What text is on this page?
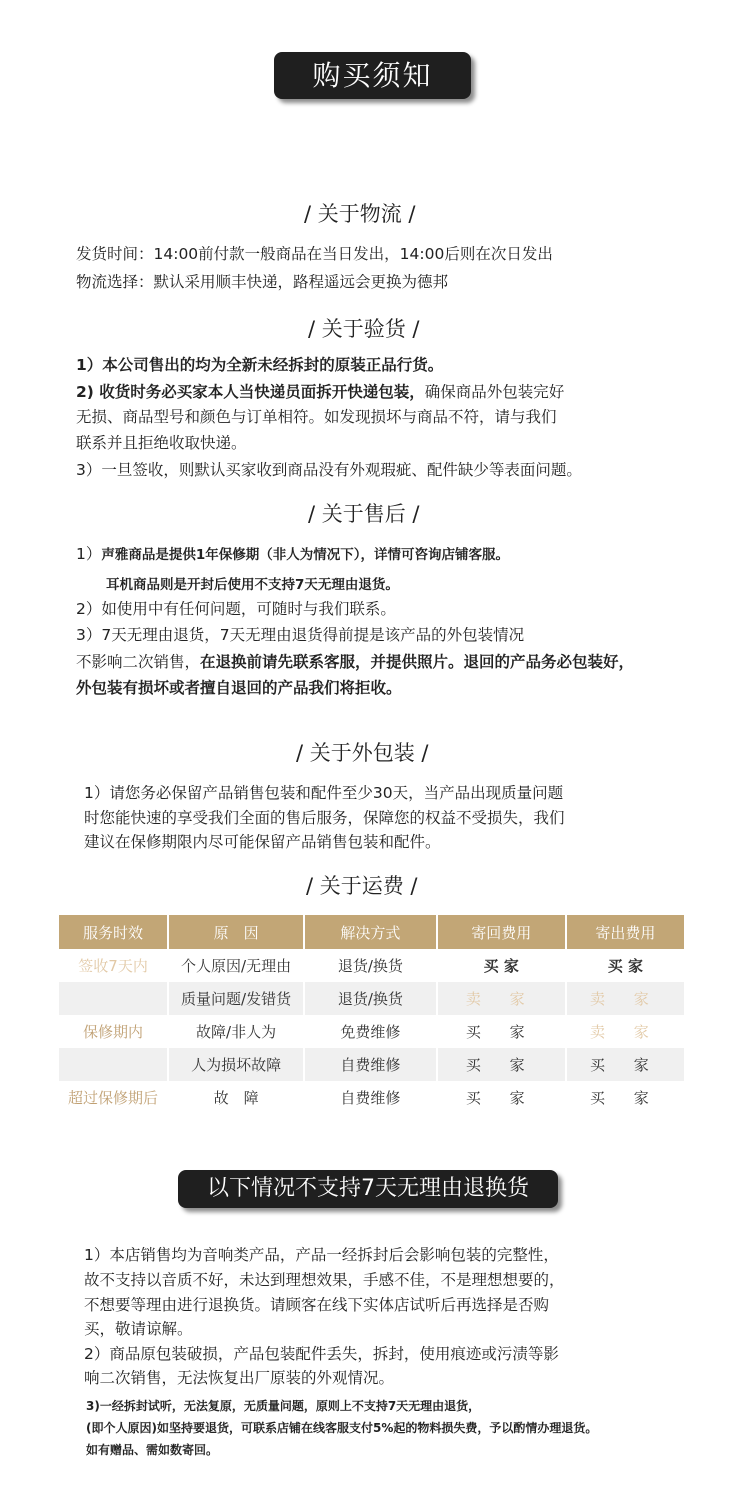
购买须知
/ 关于物流 /
发货时间：14:00前付款一般商品在当日发出，14:00后则在次日发出
物流选择：默认采用顺丰快递，路程遥远会更换为德邦
/ 关于验货 /
1）本公司售出的均为全新未经拆封的原装正品行货。
2) 收货时务必买家本人当快递员面拆开快递包装，确保商品外包装完好
无损、商品型号和颜色与订单相符。如发现损坏与商品不符，请与我们
联系并且拒绝收取快递。
3）一旦签收，则默认买家收到商品没有外观瑕疵、配件缺少等表面问题。
/ 关于售后 /
1）声雅商品是提供1年保修期（非人为情况下），详情可咨询店铺客服。
耳机商品则是开封后使用不支持7天无理由退货。
2）如使用中有任何问题，可随时与我们联系。
3）7天无理由退货，7天无理由退货得前提是该产品的外包装情况
不影响二次销售，在退换前请先联系客服，并提供照片。退回的产品务必包装好，
外包装有损坏或者擅自退回的产品我们将拒收。
/ 关于外包装 /
1）请您务必保留产品销售包装和配件至少30天，当产品出现质量问题
时您能快速的享受我们全面的售后服务，保障您的权益不受损失，我们
建议在保修期限内尽可能保留产品销售包装和配件。
/ 关于运费 /
服务时效	原　因	解决方式	寄回费用	寄出费用
签收7天内	个人原因/无理由	退货/换货	买 家	买 家
	质量问题/发错货	退货/换货	卖 家	卖 家
保修期内	故障/非人为	免费维修	买 家	卖 家
	人为损坏故障	自费维修	买 家	买 家
超过保修期后	故　障	自费维修	买 家	买 家
以下情况不支持7天无理由退换货
1）本店销售均为音响类产品，产品一经拆封后会影响包装的完整性，
故不支持以音质不好，未达到理想效果，手感不佳，不是理想想要的，
不想要等理由进行退换货。请顾客在线下实体店试听后再选择是否购
买，敬请谅解。
2）商品原包装破损，产品包装配件丢失，拆封，使用痕迹或污渍等影
响二次销售，无法恢复出厂原装的外观情况。
3)一经拆封试听，无法复原，无质量问题，原则上不支持7天无理由退货，
(即个人原因)如坚持要退货，可联系店铺在线客服支付5%起的物料损失费，予以酌情办理退货。
如有赠品、需如数寄回。
